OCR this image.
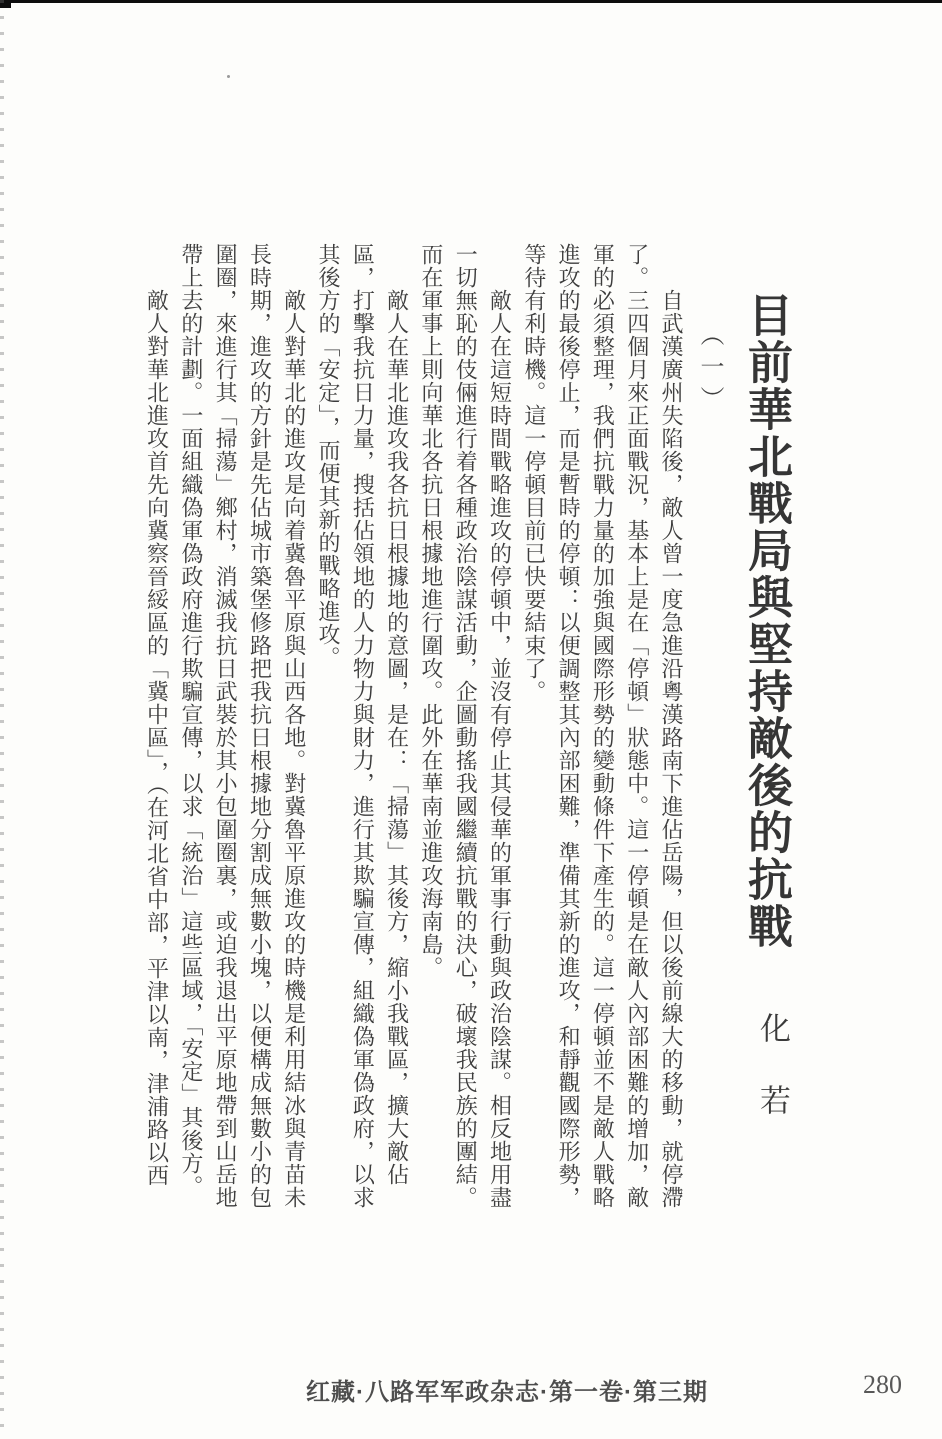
目前華北戰局與堅持敵後的抗戰
（一）
化　若

自武漢廣州失陷後，敵人曾一度急進沿粵漢路南下進佔岳陽，但以後前線大的移動，就停滯了。三四個月來正面戰況，基本上是在「停頓」狀態中。這一停頓是在敵人內部困難的增加，敵軍的必須整理，我們抗戰力量的加強與國際形勢的變動條件下產生的。這一停頓並不是敵人戰略進攻的最後停止，而是暫時的停頓：以便調整其內部困難，準備其新的進攻，和靜觀國際形勢，等待有利時機。這一停頓目前已快要結束了。

敵人在這短時間戰略進攻的停頓中，並沒有停止其侵華的軍事行動與政治陰謀。相反地用盡一切無恥的伎倆進行着各種政治陰謀活動，企圖動搖我國繼續抗戰的決心，破壞我民族的團結。而在軍事上則向華北各抗日根據地進行圍攻。此外在華南並進攻海南島。

敵人在華北進攻我各抗日根據地的意圖，是在：「掃蕩」其後方，縮小我戰區，擴大敵佔區，打擊我抗日力量，搜括佔領地的人力物力與財力，進行其欺騙宣傳，組織偽軍偽政府，以求其後方的「安定」，而便其新的戰略進攻。

敵人對華北的進攻是向着冀魯平原與山西各地。對冀魯平原進攻的時機是利用結冰與青苗未長時期，進攻的方針是先佔城市築堡修路把我抗日根據地分割成無數小塊，以便構成無數小的包圍圈，來進行其「掃蕩」鄉村，消滅我抗日武裝於其小包圍圈裏，或迫我退出平原地帶到山岳地帶上去的計劃。一面組織偽軍偽政府進行欺騙宣傳，以求「統治」這些區域，「安定」其後方。

敵人對華北進攻首先向冀察晉綏區的「冀中區」，（在河北省中部，平津以南，津浦路以西

红藏·八路军军政杂志·第一卷·第三期	280
